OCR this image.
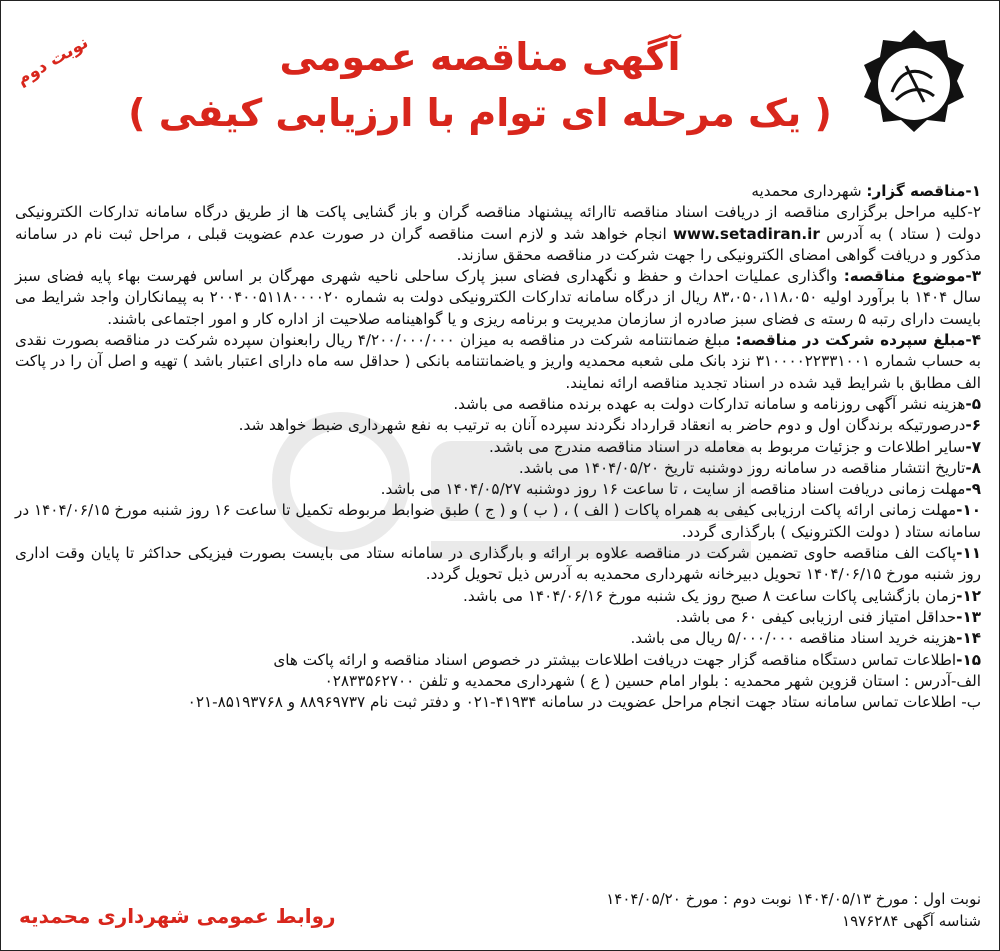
آگهی مناقصه عمومی
( یک مرحله ای توام با ارزیابی کیفی )
نوبت دوم

۱-مناقصه گزار: شهرداری محمدیه

۲-کلیه مراحل برگزاری مناقصه از دریافت اسناد مناقصه تاارائه پیشنهاد مناقصه گران و باز گشایی پاکت ها از طریق درگاه سامانه تدارکات الکترونیکی دولت ( ستاد ) به آدرس www.setadiran.ir انجام خواهد شد و لازم است مناقصه گران در صورت عدم عضویت قبلی ، مراحل ثبت نام در سامانه مذکور و دریافت گواهی امضای الکترونیکی را جهت شرکت در مناقصه محقق سازند.

۳-موضوع مناقصه: واگذاری عملیات احداث و حفظ و نگهداری فضای سبز پارک ساحلی ناحیه شهری مهرگان بر اساس فهرست بهاء پایه فضای سبز سال ۱۴۰۴ با برآورد اولیه ۸۳،۰۵۰،۱۱۸،۰۵۰ ریال از درگاه سامانه تدارکات الکترونیکی دولت به شماره ۲۰۰۴۰۰۵۱۱۸۰۰۰۰۲۰ به پیمانکاران واجد شرایط می بایست دارای رتبه ۵ رسته ی فضای سبز صادره از سازمان مدیریت و برنامه ریزی و یا گواهینامه صلاحیت از اداره کار و امور اجتماعی باشند.

۴-مبلغ سپرده شرکت در مناقصه: مبلغ ضمانتنامه شرکت در مناقصه به میزان ۴/۲۰۰/۰۰۰/۰۰۰ ریال رابعنوان سپرده شرکت در مناقصه بصورت نقدی به حساب شماره ۳۱۰۰۰۰۲۲۳۳۱۰۰۱ نزد بانک ملی شعبه محمدیه واریز و یاضمانتنامه بانکی ( حداقل سه ماه دارای اعتبار باشد ) تهیه و اصل آن را در پاکت الف مطابق با شرایط قید شده در اسناد تجدید مناقصه ارائه نمایند.

۵-هزینه نشر آگهی روزنامه و سامانه تدارکات دولت به عهده برنده مناقصه می باشد.

۶-درصورتیکه برندگان اول و دوم حاضر به انعقاد قرارداد نگردند سپرده آنان به ترتیب به نفع شهرداری ضبط خواهد شد.

۷-سایر اطلاعات و جزئیات مربوط به معامله در اسناد مناقصه مندرج می باشد.

۸-تاریخ انتشار مناقصه در سامانه روز دوشنبه تاریخ ۱۴۰۴/۰۵/۲۰ می باشد.

۹-مهلت زمانی دریافت اسناد مناقصه از سایت ، تا ساعت ۱۶ روز دوشنبه ۱۴۰۴/۰۵/۲۷ می باشد.

۱۰-مهلت زمانی ارائه پاکت ارزیابی کیفی به همراه پاکات ( الف ) ، ( ب ) و ( ج ) طبق ضوابط مربوطه تکمیل تا ساعت ۱۶ روز شنبه مورخ ۱۴۰۴/۰۶/۱۵ در سامانه ستاد ( دولت الکترونیک ) بارگذاری گردد.

۱۱-پاکت الف مناقصه حاوی تضمین شرکت در مناقصه علاوه بر ارائه و بارگذاری در سامانه ستاد می بایست بصورت فیزیکی حداکثر تا پایان وقت اداری روز شنبه مورخ ۱۴۰۴/۰۶/۱۵ تحویل دبیرخانه شهرداری محمدیه به آدرس ذیل تحویل گردد.

۱۲-زمان بازگشایی پاکات ساعت ۸ صبح روز یک شنبه مورخ ۱۴۰۴/۰۶/۱۶ می باشد.

۱۳-حداقل امتیاز فنی ارزیابی کیفی ۶۰ می باشد.

۱۴-هزینه خرید اسناد مناقصه ۵/۰۰۰/۰۰۰ ریال می باشد.

۱۵-اطلاعات تماس دستگاه مناقصه گزار جهت دریافت اطلاعات بیشتر در خصوص اسناد مناقصه و ارائه پاکت های

الف-آدرس : استان قزوین شهر محمدیه : بلوار امام حسین ( ع ) شهرداری محمدیه و تلفن ۰۲۸۳۳۵۶۲۷۰۰

ب- اطلاعات تماس سامانه ستاد جهت انجام مراحل عضویت در سامانه ۴۱۹۳۴-۰۲۱ و دفتر ثبت نام ۸۸۹۶۹۷۳۷ و ۸۵۱۹۳۷۶۸-۰۲۱

نوبت اول : مورخ ۱۴۰۴/۰۵/۱۳ نوبت دوم : مورخ ۱۴۰۴/۰۵/۲۰
شناسه آگهی ۱۹۷۶۲۸۴
روابط عمومی شهرداری محمدیه
